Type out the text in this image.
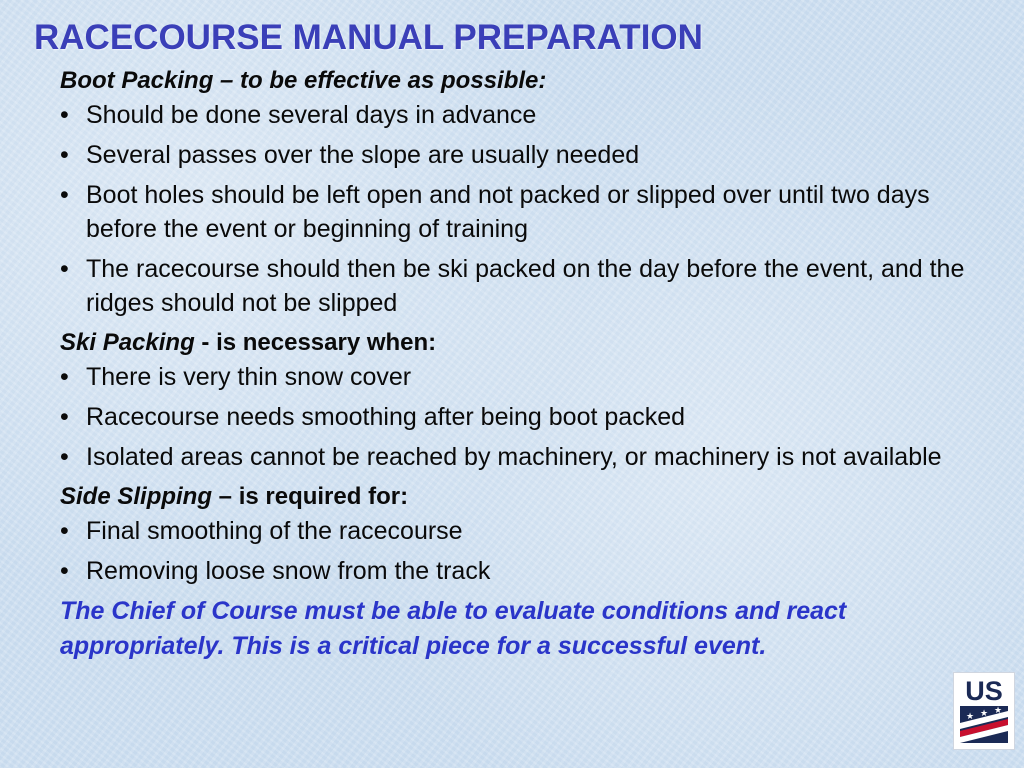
RACECOURSE MANUAL PREPARATION
Boot Packing – to be effective as possible:
• Should be done several days in advance
• Several passes over the slope are usually needed
• Boot holes should be left open and not packed or slipped over until two days before the event or beginning of training
• The racecourse should then be ski packed on the day before the event, and the ridges should not be slipped
Ski Packing - is necessary when:
• There is very thin snow cover
• Racecourse needs smoothing after being boot packed
• Isolated areas cannot be reached by machinery, or machinery is not available
Side Slipping – is required for:
• Final smoothing of the racecourse
• Removing loose snow from the track
The Chief of Course must be able to evaluate conditions and react appropriately. This is a critical piece for a successful event.
US
★ ★ ★
